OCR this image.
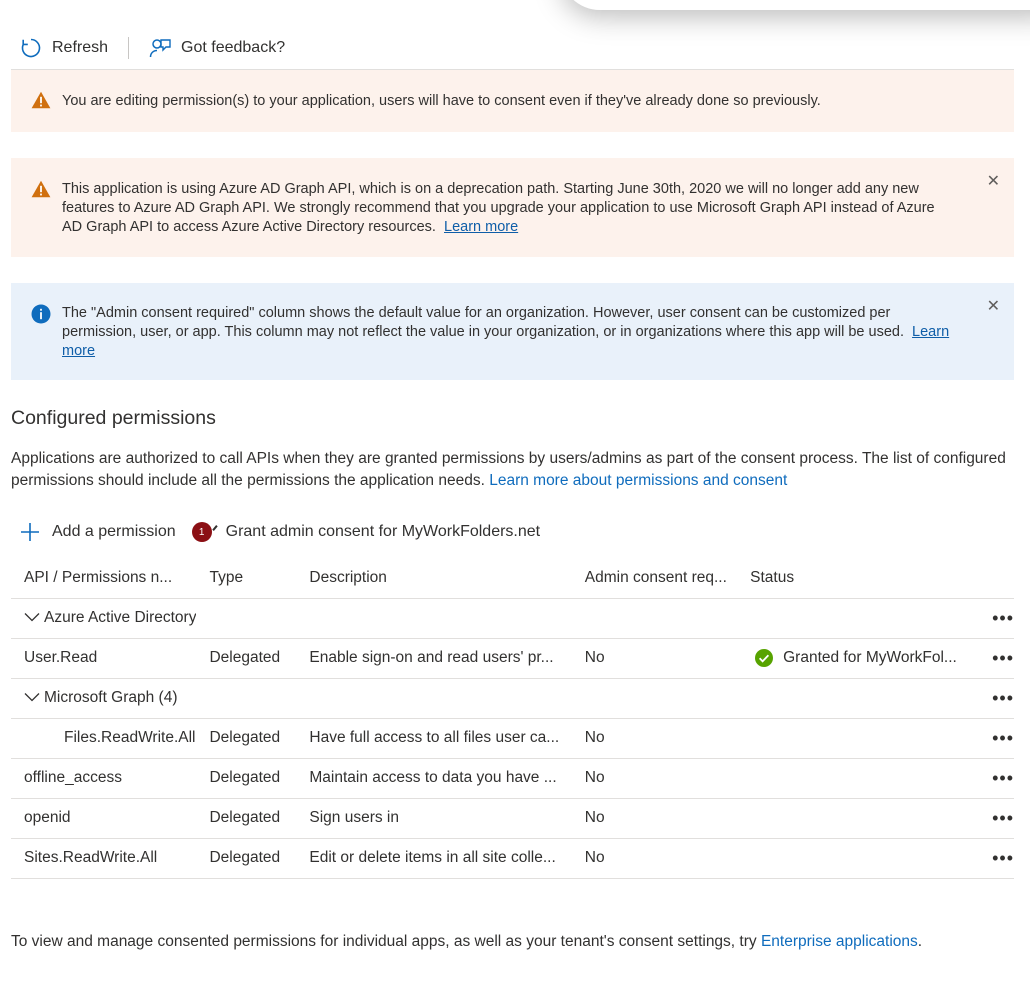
Refresh	Got feedback?
You are editing permission(s) to your application, users will have to consent even if they've already done so previously.
This application is using Azure AD Graph API, which is on a deprecation path. Starting June 30th, 2020 we will no longer add any new features to Azure AD Graph API. We strongly recommend that you upgrade your application to use Microsoft Graph API instead of Azure AD Graph API to access Azure Active Directory resources. Learn more
✕
The "Admin consent required" column shows the default value for an organization. However, user consent can be customized per permission, user, or app. This column may not reflect the value in your organization, or in organizations where this app will be used. Learn more
✕
Configured permissions
Applications are authorized to call APIs when they are granted permissions by users/admins as part of the consent process. The list of configured permissions should include all the permissions the application needs. Learn more about permissions and consent
Add a permission	1	Grant admin consent for MyWorkFolders.net
API / Permissions n...	Type	Description	Admin consent req...	Status	
Azure Active Directory					•••
User.Read	Delegated	Enable sign-on and read users' pr...	No	Granted for MyWorkFol...	•••
Microsoft Graph (4)					•••
Files.ReadWrite.All	Delegated	Have full access to all files user ca...	No		•••
offline_access	Delegated	Maintain access to data you have ...	No		•••
openid	Delegated	Sign users in	No		•••
Sites.ReadWrite.All	Delegated	Edit or delete items in all site colle...	No		•••
To view and manage consented permissions for individual apps, as well as your tenant's consent settings, try Enterprise applications.
